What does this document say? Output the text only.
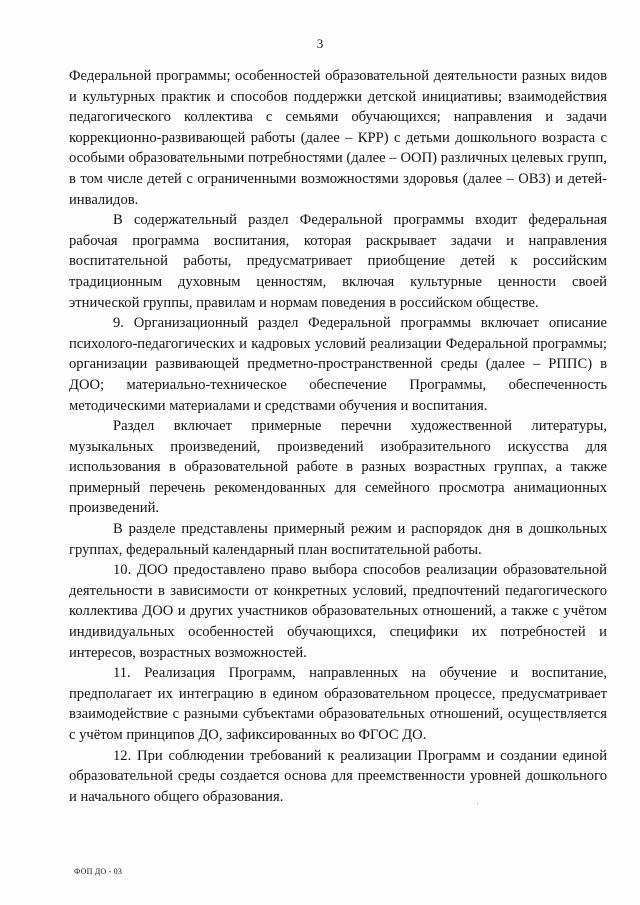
3

Федеральной программы; особенностей образовательной деятельности разных видов и культурных практик и способов поддержки детской инициативы; взаимодействия педагогического коллектива с семьями обучающихся; направления и задачи коррекционно-развивающей работы (далее – КРР) с детьми дошкольного возраста с особыми образовательными потребностями (далее – ООП) различных целевых групп, в том числе детей с ограниченными возможностями здоровья (далее – ОВЗ) и детей-инвалидов.

В содержательный раздел Федеральной программы входит федеральная рабочая программа воспитания, которая раскрывает задачи и направления воспитательной работы, предусматривает приобщение детей к российским традиционным духовным ценностям, включая культурные ценности своей этнической группы, правилам и нормам поведения в российском обществе.

9. Организационный раздел Федеральной программы включает описание психолого-педагогических и кадровых условий реализации Федеральной программы; организации развивающей предметно-пространственной среды (далее – РППС) в ДОО; материально-техническое обеспечение Программы, обеспеченность методическими материалами и средствами обучения и воспитания.

Раздел включает примерные перечни художественной литературы, музыкальных произведений, произведений изобразительного искусства для использования в образовательной работе в разных возрастных группах, а также примерный перечень рекомендованных для семейного просмотра анимационных произведений.

В разделе представлены примерный режим и распорядок дня в дошкольных группах, федеральный календарный план воспитательной работы.

10. ДОО предоставлено право выбора способов реализации образовательной деятельности в зависимости от конкретных условий, предпочтений педагогического коллектива ДОО и других участников образовательных отношений, а также с учётом индивидуальных особенностей обучающихся, специфики их потребностей и интересов, возрастных возможностей.

11. Реализация Программ, направленных на обучение и воспитание, предполагает их интеграцию в едином образовательном процессе, предусматривает взаимодействие с разными субъектами образовательных отношений, осуществляется с учётом принципов ДО, зафиксированных во ФГОС ДО.

12. При соблюдении требований к реализации Программ и создании единой образовательной среды создается основа для преемственности уровней дошкольного и начального общего образования.

ФОП ДО - 03
